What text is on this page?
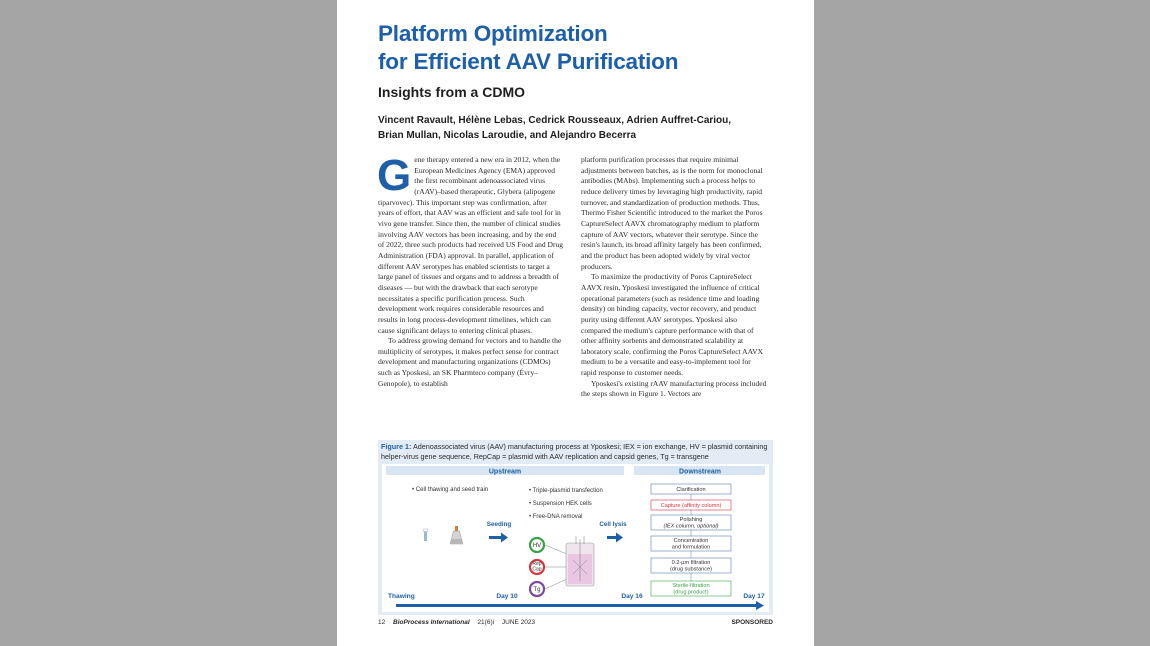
Platform Optimization
for Efficient AAV Purification
Insights from a CDMO
Vincent Ravault, Hélène Lebas, Cedrick Rousseaux, Adrien Auffret-Cariou,
Brian Mullan, Nicolas Laroudie, and Alejandro Becerra

Gene therapy entered a new era in 2012, when the European Medicines Agency (EMA) approved the first recombinant adenoassociated virus (rAAV)–based therapeutic, Glybera (alipogene tiparvovec). This important step was confirmation, after years of effort, that AAV was an efficient and safe tool for in vivo gene transfer. Since then, the number of clinical studies involving AAV vectors has been increasing, and by the end of 2022, three such products had received US Food and Drug Administration (FDA) approval. In parallel, application of different AAV serotypes has enabled scientists to target a large panel of tissues and organs and to address a breadth of diseases — but with the drawback that each serotype necessitates a specific purification process. Such development work requires considerable resources and results in long process-development timelines, which can cause significant delays to entering clinical phases.

To address growing demand for vectors and to handle the multiplicity of serotypes, it makes perfect sense for contract development and manufacturing organizations (CDMOs) such as Yposkesi, an SK Pharmteco company (Évry–Genopole), to establish

platform purification processes that require minimal adjustments between batches, as is the norm for monoclonal antibodies (MAbs). Implementing such a process helps to reduce delivery times by leveraging high productivity, rapid turnover, and standardization of production methods. Thus, Thermo Fisher Scientific introduced to the market the Poros CaptureSelect AAVX chromatography medium to platform capture of AAV vectors, whatever their serotype. Since the resin's launch, its broad affinity largely has been confirmed, and the product has been adopted widely by viral vector producers.

To maximize the productivity of Poros CaptureSelect AAVX resin, Yposkesi investigated the influence of critical operational parameters (such as residence time and loading density) on binding capacity, vector recovery, and product purity using different AAV serotypes. Yposkesi also compared the medium's capture performance with that of other affinity sorbents and demonstrated scalability at laboratory scale, confirming the Poros CaptureSelect AAVX medium to be a versatile and easy-to-implement tool for rapid response to customer needs.

Yposkesi's existing rAAV manufacturing process included the steps shown in Figure 1. Vectors are

Figure 1: Adenoassociated virus (AAV) manufacturing process at Yposkesi; IEX = ion exchange, HV = plasmid containing helper-virus gene sequence, RepCap = plasmid with AAV replication and capsid genes, Tg = transgene
Upstream	Downstream
• Cell thawing and seed train	• Triple-plasmid transfection
• Suspension HEK cells
• Free-DNA removal
Seeding
HV
Rep
Cap
Tg
Cell lysis
Clarification
Capture (affinity column)
Polishing
(IEX column, optional)
Concentration
and formulation
0.2-µm filtration
(drug substance)
Sterile-filtration
(drug product)
Thawing	Day 10	Day 16	Day 17
12 BioProcess International 21(6)i JUNE 2023	SPONSORED
